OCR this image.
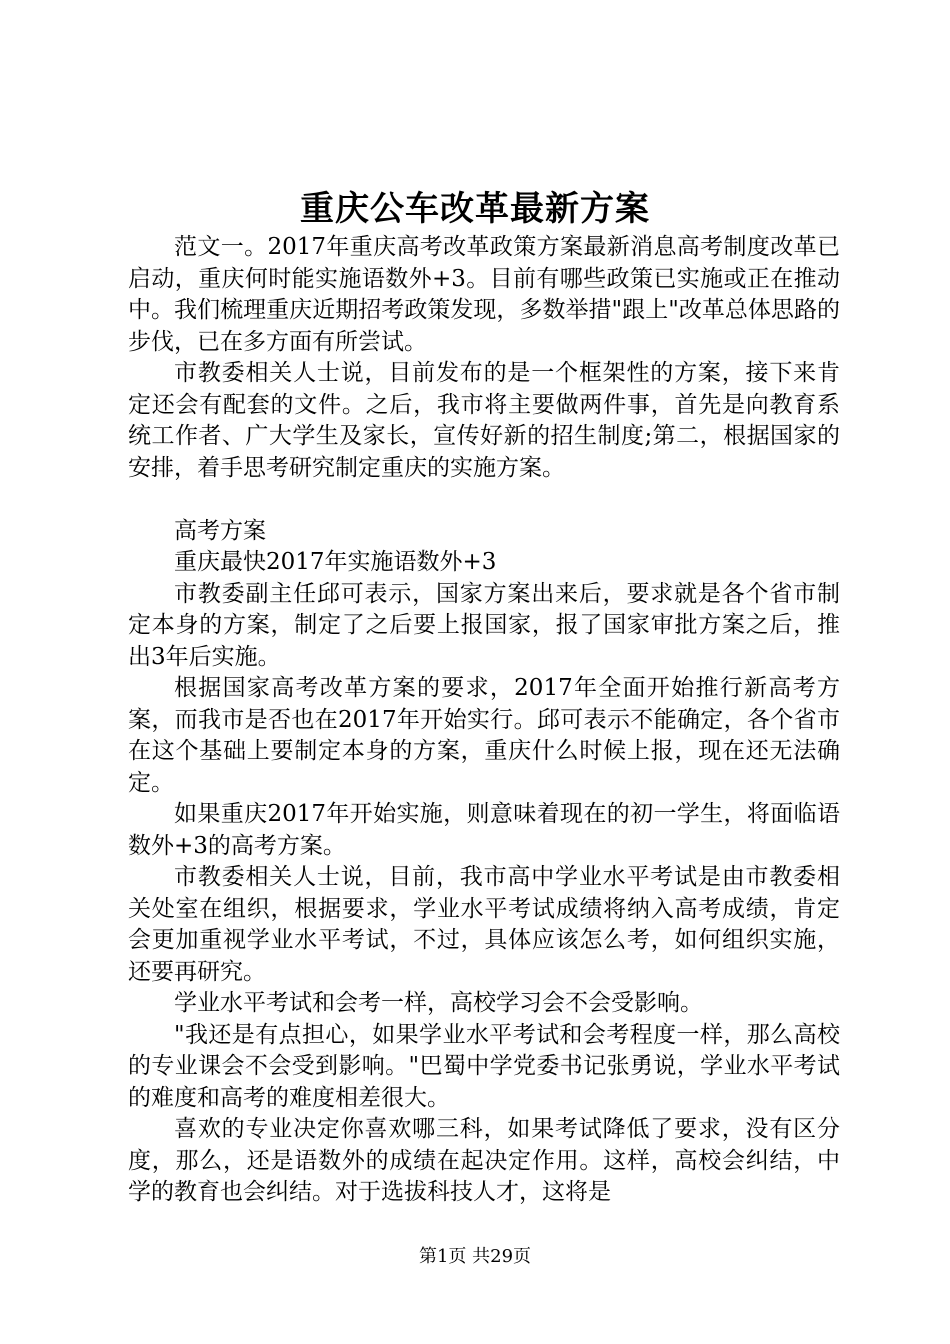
重庆公车改革最新方案

范文一。2017年重庆高考改革政策方案最新消息高考制度改革已启动，重庆何时能实施语数外+3。目前有哪些政策已实施或正在推动中。我们梳理重庆近期招考政策发现，多数举措"跟上"改革总体思路的步伐，已在多方面有所尝试。

市教委相关人士说，目前发布的是一个框架性的方案，接下来肯定还会有配套的文件。之后，我市将主要做两件事，首先是向教育系统工作者、广大学生及家长，宣传好新的招生制度;第二，根据国家的安排，着手思考研究制定重庆的实施方案。

高考方案

重庆最快2017年实施语数外+3

市教委副主任邱可表示，国家方案出来后，要求就是各个省市制定本身的方案，制定了之后要上报国家，报了国家审批方案之后，推出3年后实施。

根据国家高考改革方案的要求，2017年全面开始推行新高考方案，而我市是否也在2017年开始实行。邱可表示不能确定，各个省市在这个基础上要制定本身的方案，重庆什么时候上报，现在还无法确定。

如果重庆2017年开始实施，则意味着现在的初一学生，将面临语数外+3的高考方案。

市教委相关人士说，目前，我市高中学业水平考试是由市教委相关处室在组织，根据要求，学业水平考试成绩将纳入高考成绩，肯定会更加重视学业水平考试，不过，具体应该怎么考，如何组织实施，还要再研究。

学业水平考试和会考一样，高校学习会不会受影响。

"我还是有点担心，如果学业水平考试和会考程度一样，那么高校的专业课会不会受到影响。"巴蜀中学党委书记张勇说，学业水平考试的难度和高考的难度相差很大。

喜欢的专业决定你喜欢哪三科，如果考试降低了要求，没有区分度，那么，还是语数外的成绩在起决定作用。这样，高校会纠结，中学的教育也会纠结。对于选拔科技人才，这将是

第1页 共29页
